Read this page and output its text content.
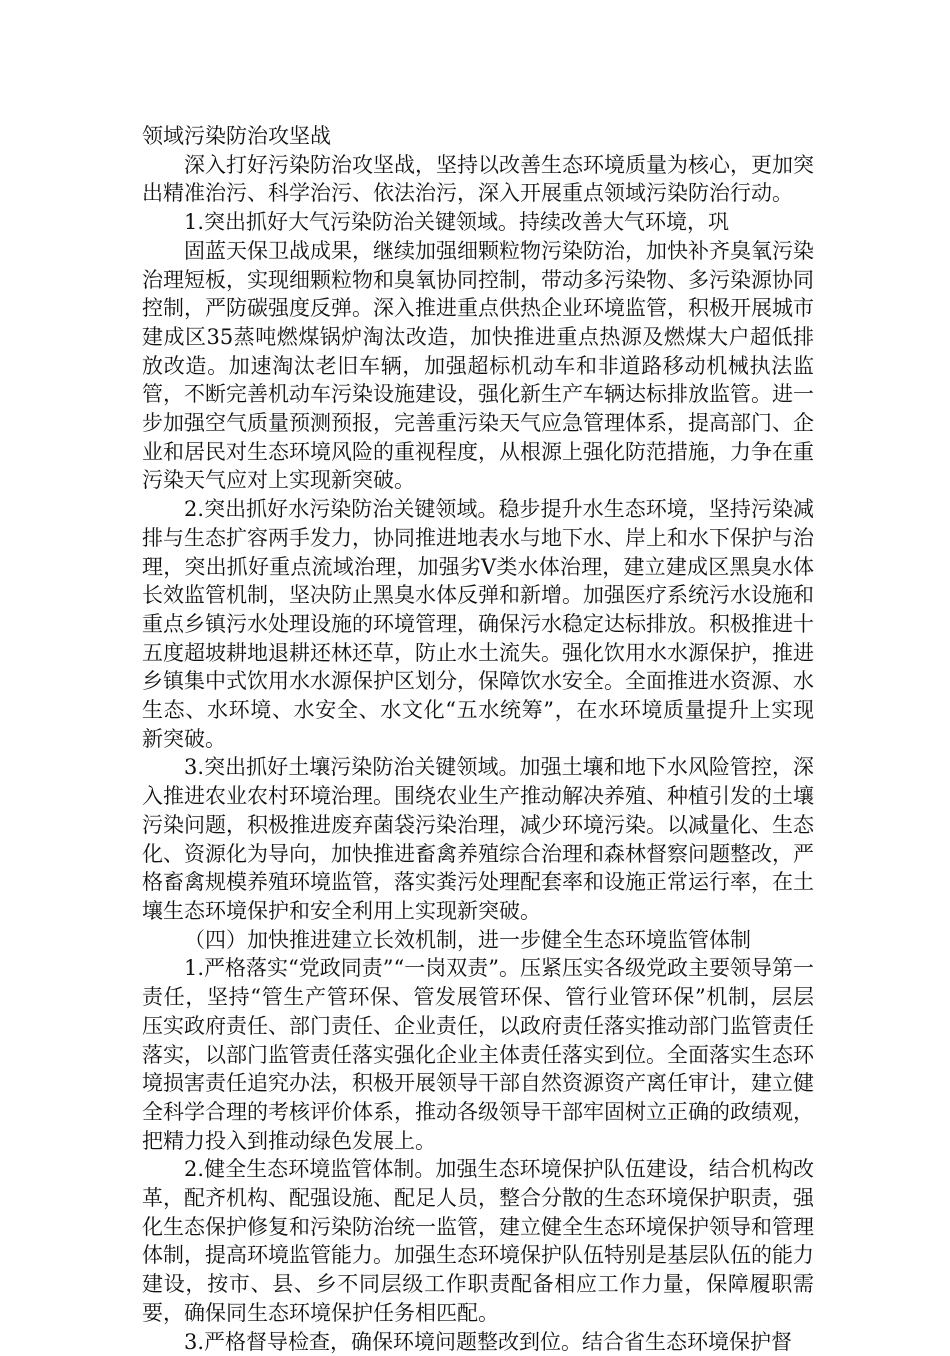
领域污染防治攻坚战

深入打好污染防治攻坚战，坚持以改善生态环境质量为核心，更加突出精准治污、科学治污、依法治污，深入开展重点领域污染防治行动。

1.突出抓好大气污染防治关键领域。持续改善大气环境，巩

固蓝天保卫战成果，继续加强细颗粒物污染防治，加快补齐臭氧污染治理短板，实现细颗粒物和臭氧协同控制，带动多污染物、多污染源协同控制，严防碳强度反弹。深入推进重点供热企业环境监管，积极开展城市建成区35蒸吨燃煤锅炉淘汰改造，加快推进重点热源及燃煤大户超低排放改造。加速淘汰老旧车辆，加强超标机动车和非道路移动机械执法监管，不断完善机动车污染设施建设，强化新生产车辆达标排放监管。进一步加强空气质量预测预报，完善重污染天气应急管理体系，提高部门、企业和居民对生态环境风险的重视程度，从根源上强化防范措施，力争在重污染天气应对上实现新突破。

2.突出抓好水污染防治关键领域。稳步提升水生态环境，坚持污染减排与生态扩容两手发力，协同推进地表水与地下水、岸上和水下保护与治理，突出抓好重点流域治理，加强劣Ⅴ类水体治理，建立建成区黑臭水体长效监管机制，坚决防止黑臭水体反弹和新增。加强医疗系统污水设施和重点乡镇污水处理设施的环境管理，确保污水稳定达标排放。积极推进十五度超坡耕地退耕还林还草，防止水土流失。强化饮用水水源保护，推进乡镇集中式饮用水水源保护区划分，保障饮水安全。全面推进水资源、水生态、水环境、水安全、水文化“五水统筹”，在水环境质量提升上实现新突破。

3.突出抓好土壤污染防治关键领域。加强土壤和地下水风险管控，深入推进农业农村环境治理。围绕农业生产推动解决养殖、种植引发的土壤污染问题，积极推进废弃菌袋污染治理，减少环境污染。以减量化、生态化、资源化为导向，加快推进畜禽养殖综合治理和森林督察问题整改，严格畜禽规模养殖环境监管，落实粪污处理配套率和设施正常运行率，在土壤生态环境保护和安全利用上实现新突破。

（四）加快推进建立长效机制，进一步健全生态环境监管体制

1.严格落实“党政同责”“一岗双责”。压紧压实各级党政主要领导第一责任，坚持“管生产管环保、管发展管环保、管行业管环保”机制，层层压实政府责任、部门责任、企业责任，以政府责任落实推动部门监管责任落实，以部门监管责任落实强化企业主体责任落实到位。全面落实生态环境损害责任追究办法，积极开展领导干部自然资源资产离任审计，建立健全科学合理的考核评价体系，推动各级领导干部牢固树立正确的政绩观，把精力投入到推动绿色发展上。

2.健全生态环境监管体制。加强生态环境保护队伍建设，结合机构改革，配齐机构、配强设施、配足人员，整合分散的生态环境保护职责，强化生态保护修复和污染防治统一监管，建立健全生态环境保护领导和管理体制，提高环境监管能力。加强生态环境保护队伍特别是基层队伍的能力建设，按市、县、乡不同层级工作职责配备相应工作力量，保障履职需要，确保同生态环境保护任务相匹配。

3.严格督导检查，确保环境问题整改到位。结合省生态环境保护督
